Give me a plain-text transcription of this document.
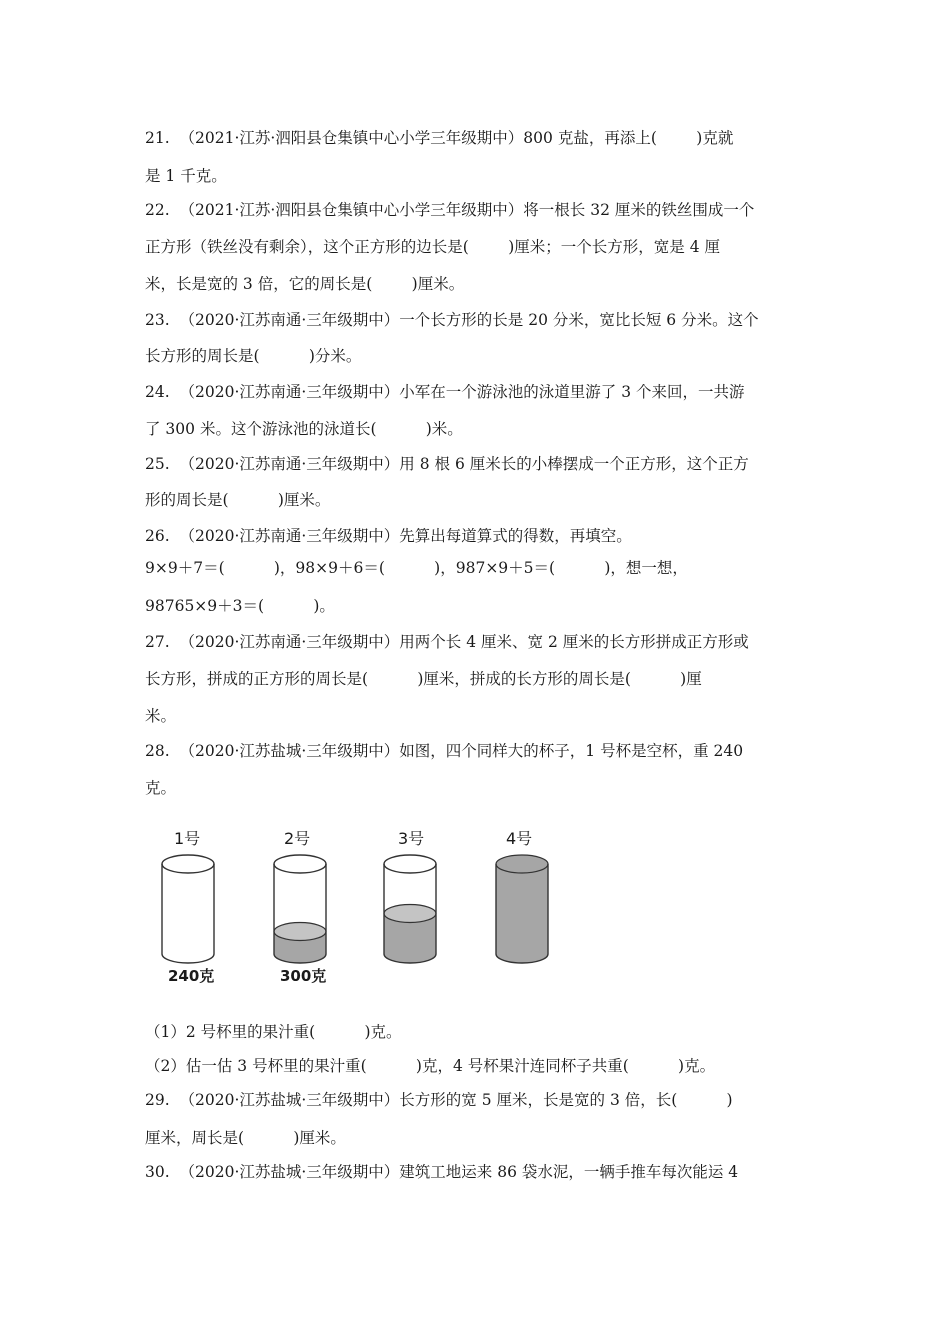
21.  （2021·江苏·泗阳县仓集镇中心小学三年级期中）800 克盐，再添上(        )克就
是 1 千克。
22.  （2021·江苏·泗阳县仓集镇中心小学三年级期中）将一根长 32 厘米的铁丝围成一个
正方形（铁丝没有剩余），这个正方形的边长是(        )厘米；一个长方形，宽是 4 厘
米，长是宽的 3 倍，它的周长是(        )厘米。
23.  （2020·江苏南通·三年级期中）一个长方形的长是 20 分米，宽比长短 6 分米。这个
长方形的周长是(          )分米。
24.  （2020·江苏南通·三年级期中）小军在一个游泳池的泳道里游了 3 个来回，一共游
了 300 米。这个游泳池的泳道长(          )米。
25.  （2020·江苏南通·三年级期中）用 8 根 6 厘米长的小棒摆成一个正方形，这个正方
形的周长是(          )厘米。
26.  （2020·江苏南通·三年级期中）先算出每道算式的得数，再填空。
9×9＋7＝(          )，98×9＋6＝(          )，987×9＋5＝(          )，想一想，
98765×9＋3＝(          )。
27.  （2020·江苏南通·三年级期中）用两个长 4 厘米、宽 2 厘米的长方形拼成正方形或
长方形，拼成的正方形的周长是(          )厘米，拼成的长方形的周长是(          )厘
米。
28.  （2020·江苏盐城·三年级期中）如图，四个同样大的杯子，1 号杯是空杯，重 240
克。
1号	2号	3号	4号
240克	300克
（1）2 号杯里的果汁重(          )克。
（2）估一估 3 号杯里的果汁重(          )克，4 号杯果汁连同杯子共重(          )克。
29.  （2020·江苏盐城·三年级期中）长方形的宽 5 厘米，长是宽的 3 倍，长(          )
厘米，周长是(          )厘米。
30.  （2020·江苏盐城·三年级期中）建筑工地运来 86 袋水泥，一辆手推车每次能运 4
